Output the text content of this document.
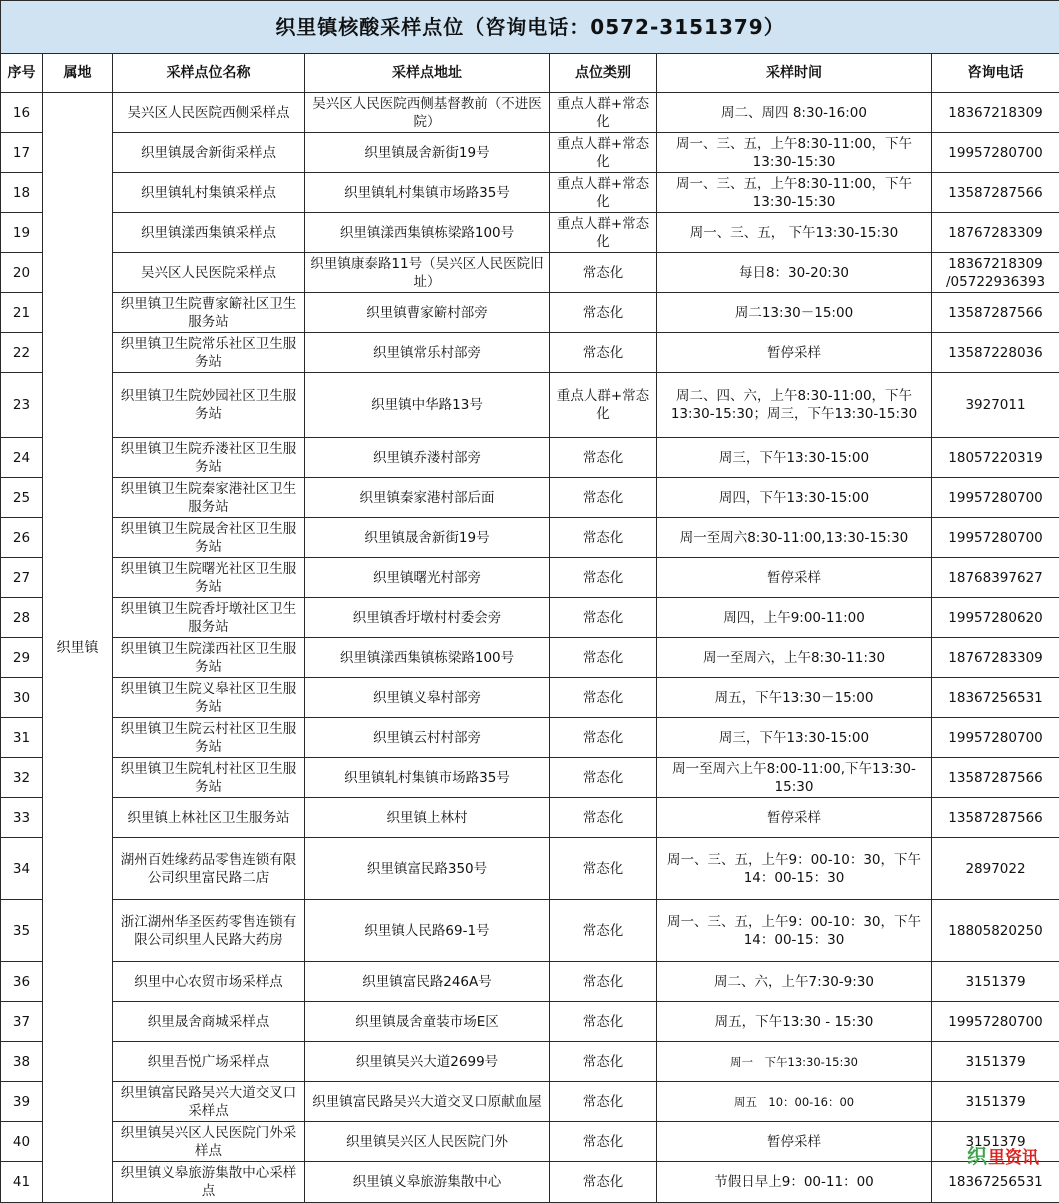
织里镇核酸采样点位（咨询电话：0572-3151379）						
序号	属地	采样点位名称	采样点地址	点位类别	采样时间	咨询电话
16	织里镇	吴兴区人民医院西侧采样点	吴兴区人民医院西侧基督教前（不进医院）	重点人群+常态化	周二、周四 8:30-16:00	18367218309
17		织里镇晟舍新街采样点	织里镇晟舍新街19号	重点人群+常态化	周一、三、五，上午8:30-11:00，下午13:30-15:30	19957280700
18		织里镇轧村集镇采样点	织里镇轧村集镇市场路35号	重点人群+常态化	周一、三、五，上午8:30-11:00，下午13:30-15:30	13587287566
19		织里镇漾西集镇采样点	织里镇漾西集镇栋梁路100号	重点人群+常态化	周一、三、五， 下午13:30-15:30	18767283309
20		吴兴区人民医院采样点	织里镇康泰路11号（吴兴区人民医院旧址）	常态化	每日8：30-20:30	18367218309 /05722936393
21		织里镇卫生院曹家簖社区卫生服务站	织里镇曹家簖村部旁	常态化	周二13:30－15:00	13587287566
22		织里镇卫生院常乐社区卫生服务站	织里镇常乐村部旁	常态化	暂停采样	13587228036
23		织里镇卫生院妙园社区卫生服务站	织里镇中华路13号	重点人群+常态化	周二、四、六，上午8:30-11:00，下午13:30-15:30；周三，下午13:30-15:30	3927011
24		织里镇卫生院乔溇社区卫生服务站	织里镇乔溇村部旁	常态化	周三，下午13:30-15:00	18057220319
25		织里镇卫生院秦家港社区卫生服务站	织里镇秦家港村部后面	常态化	周四，下午13:30-15:00	19957280700
26		织里镇卫生院晟舍社区卫生服务站	织里镇晟舍新街19号	常态化	周一至周六8:30-11:00,13:30-15:30	19957280700
27		织里镇卫生院曙光社区卫生服务站	织里镇曙光村部旁	常态化	暂停采样	18768397627
28		织里镇卫生院香圩墩社区卫生服务站	织里镇香圩墩村村委会旁	常态化	周四，上午9:00-11:00	19957280620
29		织里镇卫生院漾西社区卫生服务站	织里镇漾西集镇栋梁路100号	常态化	周一至周六，上午8:30-11:30	18767283309
30		织里镇卫生院义皋社区卫生服务站	织里镇义皋村部旁	常态化	周五，下午13:30－15:00	18367256531
31		织里镇卫生院云村社区卫生服务站	织里镇云村村部旁	常态化	周三，下午13:30-15:00	19957280700
32		织里镇卫生院轧村社区卫生服务站	织里镇轧村集镇市场路35号	常态化	周一至周六上午8:00-11:00,下午13:30-15:30	13587287566
33		织里镇上林社区卫生服务站	织里镇上林村	常态化	暂停采样	13587287566
34		湖州百姓缘药品零售连锁有限公司织里富民路二店	织里镇富民路350号	常态化	周一、三、五，上午9：00-10：30，下午14：00-15：30	2897022
35		浙江湖州华圣医药零售连锁有限公司织里人民路大药房	织里镇人民路69-1号	常态化	周一、三、五，上午9：00-10：30，下午14：00-15：30	18805820250
36		织里中心农贸市场采样点	织里镇富民路246A号	常态化	周二、六，上午7:30-9:30	3151379
37		织里晟舍商城采样点	织里镇晟舍童装市场E区	常态化	周五，下午13:30 - 15:30	19957280700
38		织里吾悦广场采样点	织里镇吴兴大道2699号	常态化	周一　下午13:30-15:30	3151379
39		织里镇富民路吴兴大道交叉口采样点	织里镇富民路吴兴大道交叉口原献血屋	常态化	周五　10：00-16：00	3151379
40		织里镇吴兴区人民医院门外采样点	织里镇吴兴区人民医院门外	常态化	暂停采样	3151379
41		织里镇义皋旅游集散中心采样点	织里镇义皋旅游集散中心	常态化	节假日早上9：00-11：00	18367256531
织里资讯
